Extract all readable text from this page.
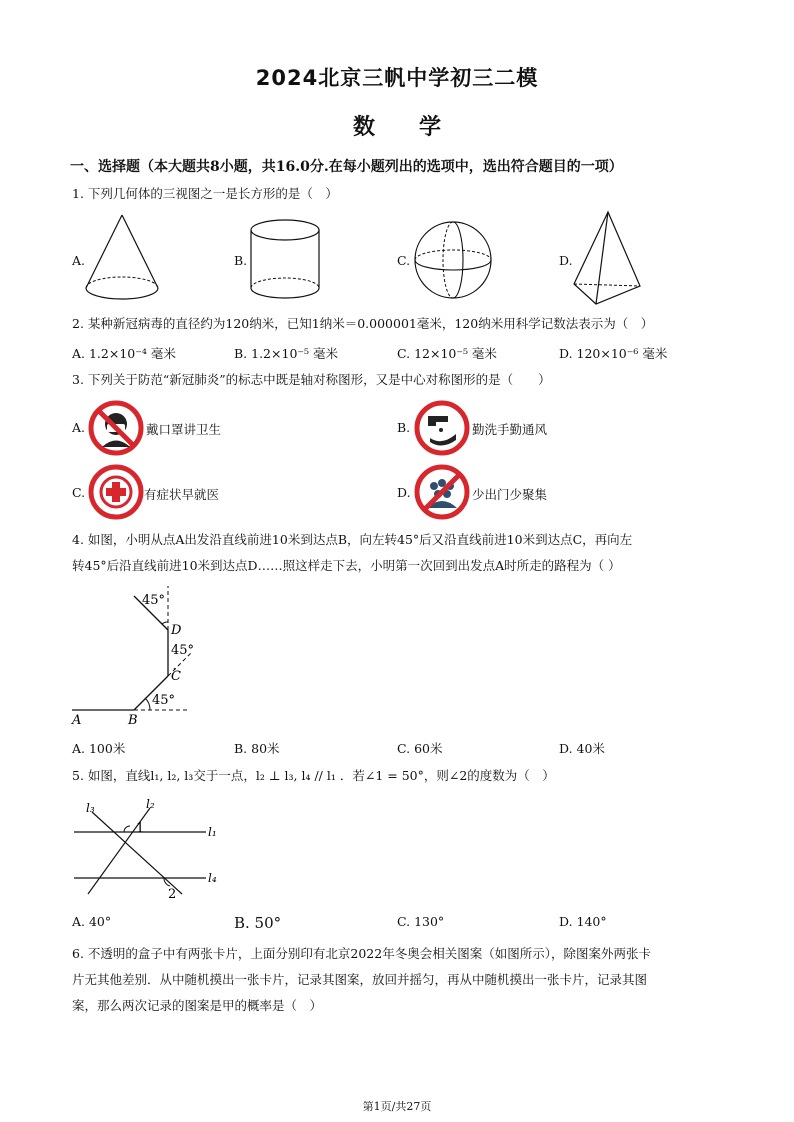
2024北京三帆中学初三二模
数　　学
一、选择题（本大题共8小题，共16.0分.在每小题列出的选项中，选出符合题目的一项）
1. 下列几何体的三视图之一是长方形的是（　）
A.	B.	C.	D.
2. 某种新冠病毒的直径约为120纳米，已知1纳米＝0.000001毫米，120纳米用科学记数法表示为（　）
A. 1.2×10⁻⁴ 毫米	B. 1.2×10⁻⁵ 毫米	C. 12×10⁻⁵ 毫米	D. 120×10⁻⁶ 毫米
3. 下列关于防范“新冠肺炎”的标志中既是轴对称图形，又是中心对称图形的是（　　）
A.	戴口罩讲卫生	B.	勤洗手勤通风
C.	有症状早就医	D.	少出门少聚集
4. 如图，小明从点A出发沿直线前进10米到达点B，向左转45°后又沿直线前进10米到达点C，再向左
转45°后沿直线前进10米到达点D……照这样走下去，小明第一次回到出发点A时所走的路程为（ ）
45°
D
45°
C
45°
A	B
A. 100米	B. 80米	C. 60米	D. 40米
5. 如图，直线l₁, l₂, l₃交于一点，l₂ ⊥ l₃, l₄ // l₁ ．若∠1 = 50°，则∠2的度数为（　）
l₃	l₂
1	l₁
l₄
2
A. 40°	B. 50°	C. 130°	D. 140°
6. 不透明的盒子中有两张卡片，上面分别印有北京2022年冬奥会相关图案（如图所示），除图案外两张卡
片无其他差别．从中随机摸出一张卡片，记录其图案，放回并摇匀，再从中随机摸出一张卡片，记录其图
案，那么两次记录的图案是甲的概率是（　）
第1页/共27页
